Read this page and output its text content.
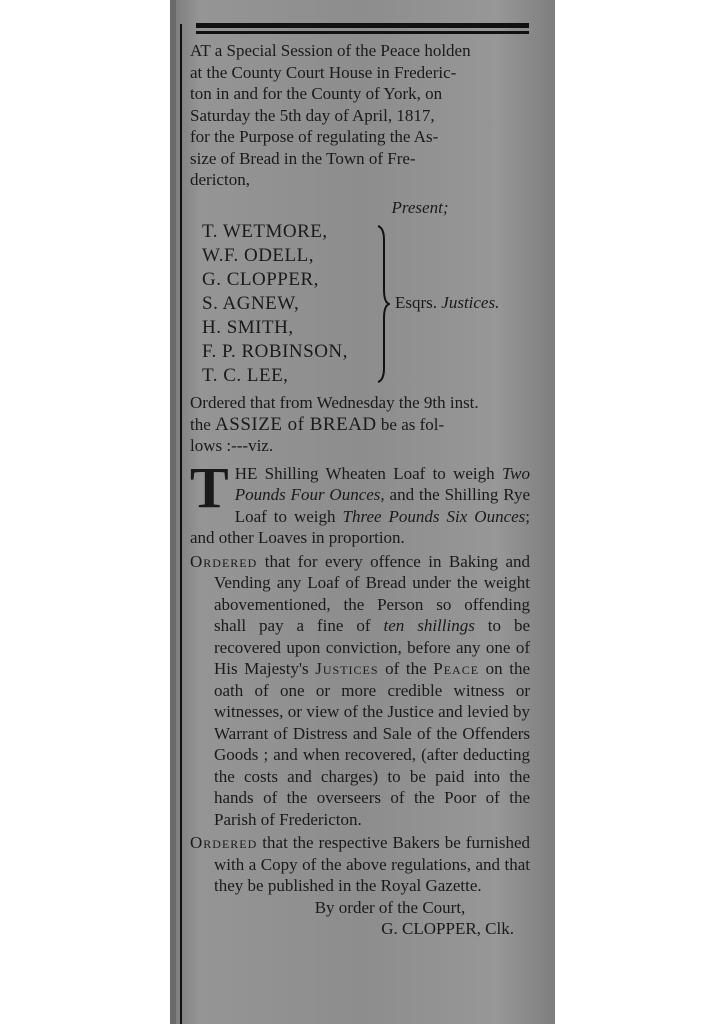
AT a Special Session of the Peace holden
at the County Court House in Frederic-
ton in and for the County of York, on
Saturday the 5th day of April, 1817,
for the Purpose of regulating the As-
size of Bread in the Town of Fre-
dericton,
Present;
T. WETMORE,
W.F. ODELL,
G. CLOPPER,
S. AGNEW,
H. SMITH,
F. P. ROBINSON,
T. C. LEE,
Esqrs. Justices.
Ordered that from Wednesday the 9th inst.
the ASSIZE of BREAD be as fol-
lows :---viz.

THE Shilling Wheaten Loaf to weigh Two Pounds Four Ounces, and the Shilling Rye Loaf to weigh Three Pounds Six Ounces; and other Loaves in proportion.

Ordered that for every offence in Baking and Vending any Loaf of Bread under the weight abovementioned, the Person so offending shall pay a fine of ten shillings to be recovered upon conviction, before any one of His Majesty's Justices of the Peace on the oath of one or more credible witness or witnesses, or view of the Justice and levied by Warrant of Distress and Sale of the Offenders Goods ; and when recovered, (after deducting the costs and charges) to be paid into the hands of the overseers of the Poor of the Parish of Fredericton.

Ordered that the respective Bakers be furnished with a Copy of the above regulations, and that they be published in the Royal Gazette.

By order of the Court,
G. CLOPPER, Clk.
